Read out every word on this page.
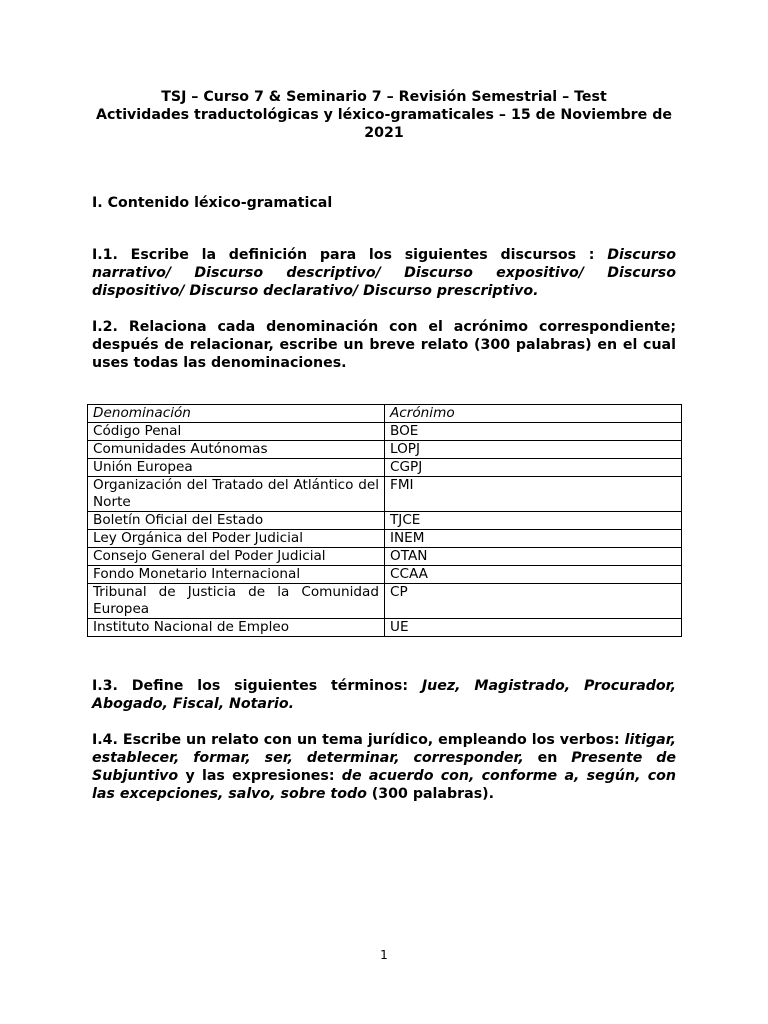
TSJ – Curso 7 & Seminario 7 – Revisión Semestrial – Test
Actividades traductológicas y léxico-gramaticales – 15 de Noviembre de 2021
I. Contenido léxico-gramatical
I.1. Escribe la definición para los siguientes discursos : Discurso narrativo/ Discurso descriptivo/ Discurso expositivo/ Discurso dispositivo/ Discurso declarativo/ Discurso prescriptivo.
I.2. Relaciona cada denominación con el acrónimo correspondiente; después de relacionar, escribe un breve relato (300 palabras) en el cual uses todas las denominaciones.
Denominación	Acrónimo
Código Penal	BOE
Comunidades Autónomas	LOPJ
Unión Europea	CGPJ
Organización del Tratado del Atlántico del Norte	FMI
Boletín Oficial del Estado	TJCE
Ley Orgánica del Poder Judicial	INEM
Consejo General del Poder Judicial	OTAN
Fondo Monetario Internacional	CCAA
Tribunal de Justicia de la Comunidad Europea	CP
Instituto Nacional de Empleo	UE
I.3. Define los siguientes términos: Juez, Magistrado, Procurador, Abogado, Fiscal, Notario.
I.4. Escribe un relato con un tema jurídico, empleando los verbos: litigar, establecer, formar, ser, determinar, corresponder, en Presente de Subjuntivo y las expresiones: de acuerdo con, conforme a, según, con las excepciones, salvo, sobre todo (300 palabras).
1
